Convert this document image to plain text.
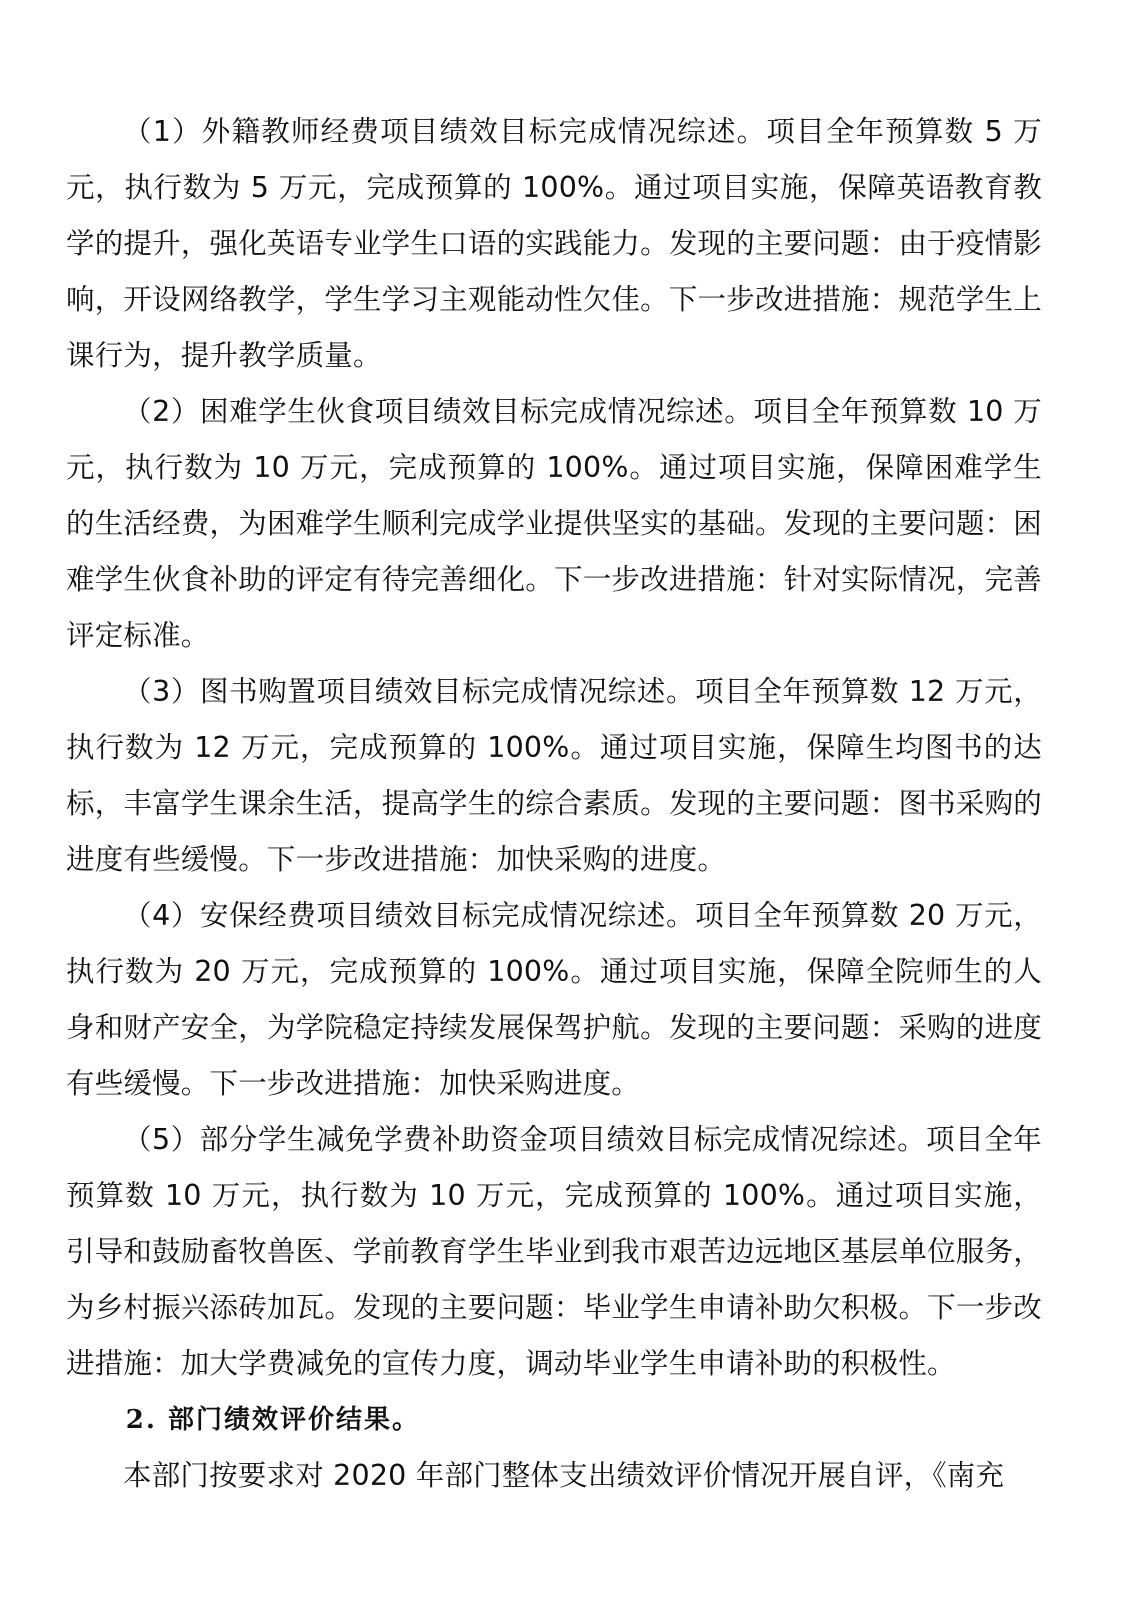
（1）外籍教师经费项目绩效目标完成情况综述。项目全年预算数 5 万元，执行数为 5 万元，完成预算的 100%。通过项目实施，保障英语教育教学的提升，强化英语专业学生口语的实践能力。发现的主要问题：由于疫情影响，开设网络教学，学生学习主观能动性欠佳。下一步改进措施：规范学生上课行为，提升教学质量。

（2）困难学生伙食项目绩效目标完成情况综述。项目全年预算数 10 万元，执行数为 10 万元，完成预算的 100%。通过项目实施，保障困难学生的生活经费，为困难学生顺利完成学业提供坚实的基础。发现的主要问题：困难学生伙食补助的评定有待完善细化。下一步改进措施：针对实际情况，完善评定标准。

（3）图书购置项目绩效目标完成情况综述。项目全年预算数 12 万元，执行数为 12 万元，完成预算的 100%。通过项目实施，保障生均图书的达标，丰富学生课余生活，提高学生的综合素质。发现的主要问题：图书采购的进度有些缓慢。下一步改进措施：加快采购的进度。

（4）安保经费项目绩效目标完成情况综述。项目全年预算数 20 万元，执行数为 20 万元，完成预算的 100%。通过项目实施，保障全院师生的人身和财产安全，为学院稳定持续发展保驾护航。发现的主要问题：采购的进度有些缓慢。下一步改进措施：加快采购进度。

（5）部分学生减免学费补助资金项目绩效目标完成情况综述。项目全年预算数 10 万元，执行数为 10 万元，完成预算的 100%。通过项目实施，引导和鼓励畜牧兽医、学前教育学生毕业到我市艰苦边远地区基层单位服务，为乡村振兴添砖加瓦。发现的主要问题：毕业学生申请补助欠积极。下一步改进措施：加大学费减免的宣传力度，调动毕业学生申请补助的积极性。

2. 部门绩效评价结果。

本部门按要求对 2020 年部门整体支出绩效评价情况开展自评，《南充
